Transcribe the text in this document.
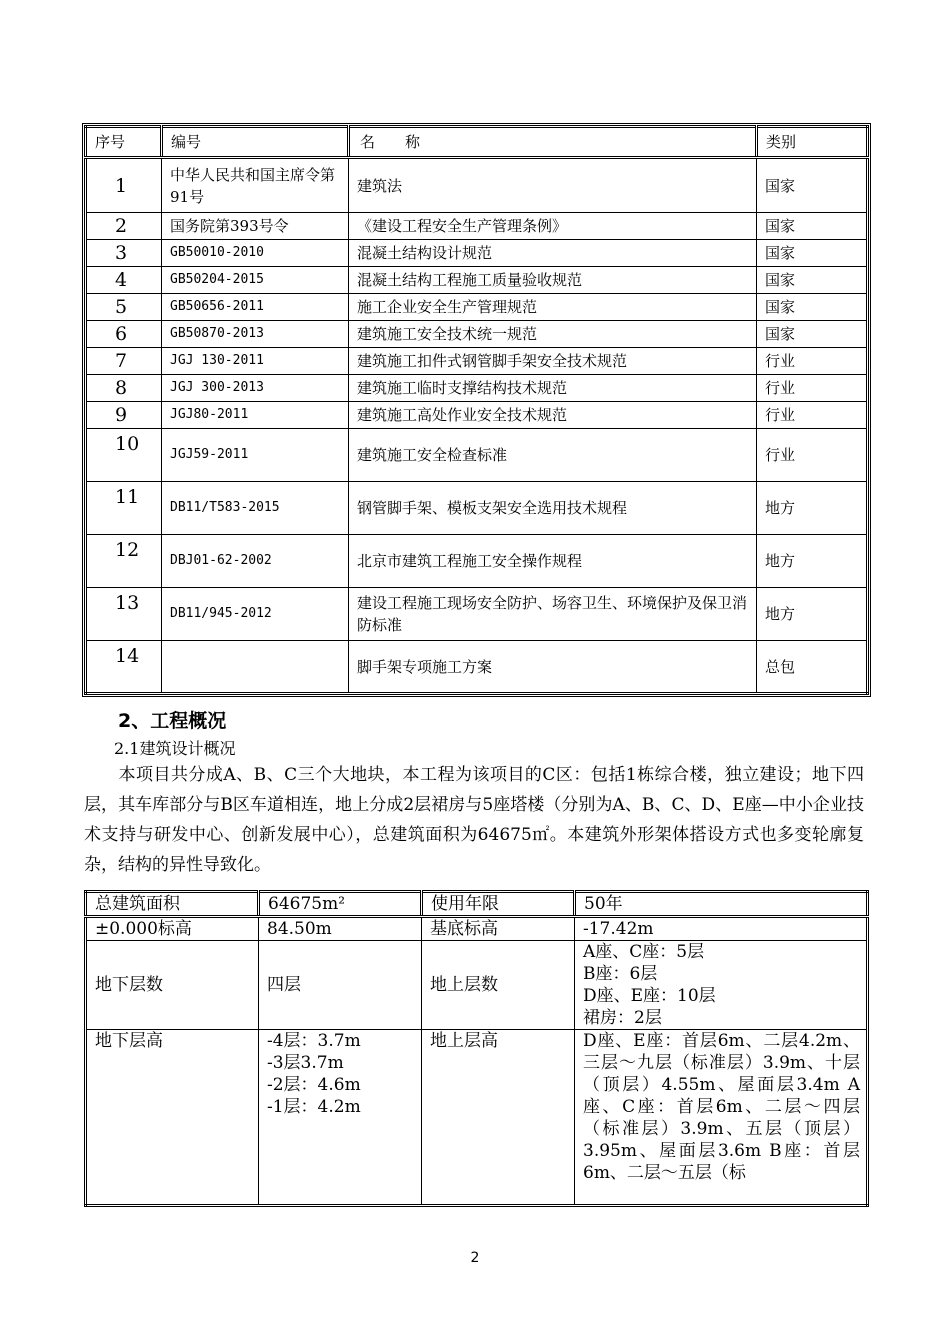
序号	编号	名　　称	类别
1	中华人民共和国主席令第91号	建筑法	国家
2	国务院第393号令	《建设工程安全生产管理条例》	国家
3	GB50010-2010	混凝土结构设计规范	国家
4	GB50204-2015	混凝土结构工程施工质量验收规范	国家
5	GB50656-2011	施工企业安全生产管理规范	国家
6	GB50870-2013	建筑施工安全技术统一规范	国家
7	JGJ 130-2011	建筑施工扣件式钢管脚手架安全技术规范	行业
8	JGJ 300-2013	建筑施工临时支撑结构技术规范	行业
9	JGJ80-2011	建筑施工高处作业安全技术规范	行业
10	JGJ59-2011	建筑施工安全检查标准	行业
11	DB11/T583-2015	钢管脚手架、模板支架安全选用技术规程	地方
12	DBJ01-62-2002	北京市建筑工程施工安全操作规程	地方
13	DB11/945-2012	建设工程施工现场安全防护、场容卫生、环境保护及保卫消防标准	地方
14		脚手架专项施工方案	总包
2、工程概况
2.1建筑设计概况
本项目共分成A、B、C三个大地块，本工程为该项目的C区：包括1栋综合楼，独立建设；地下四层，其车库部分与B区车道相连，地上分成2层裙房与5座塔楼（分别为A、B、C、D、E座—中小企业技术支持与研发中心、创新发展中心），总建筑面积为64675㎡。本建筑外形架体搭设方式也多变轮廓复杂，结构的异性导致化。
总建筑面积	64675m²	使用年限	50年
±0.000标高	84.50m	基底标高	-17.42m
地下层数	四层	地上层数	A座、C座：5层
B座：6层
D座、E座：10层
裙房：2层

地下层高	-4层：3.7m
-3层3.7m
-2层：4.6m
-1层：4.2m	地上层高	D座、E座：首层6m、二层4.2m、三层～九层（标准层）3.9m、十层（顶层）4.55m、屋面层3.4m A座、C座：首层6m、二层～四层（标准层）3.9m、五层（顶层）3.95m、屋面层3.6m B座：首层6m、二层～五层（标
2
